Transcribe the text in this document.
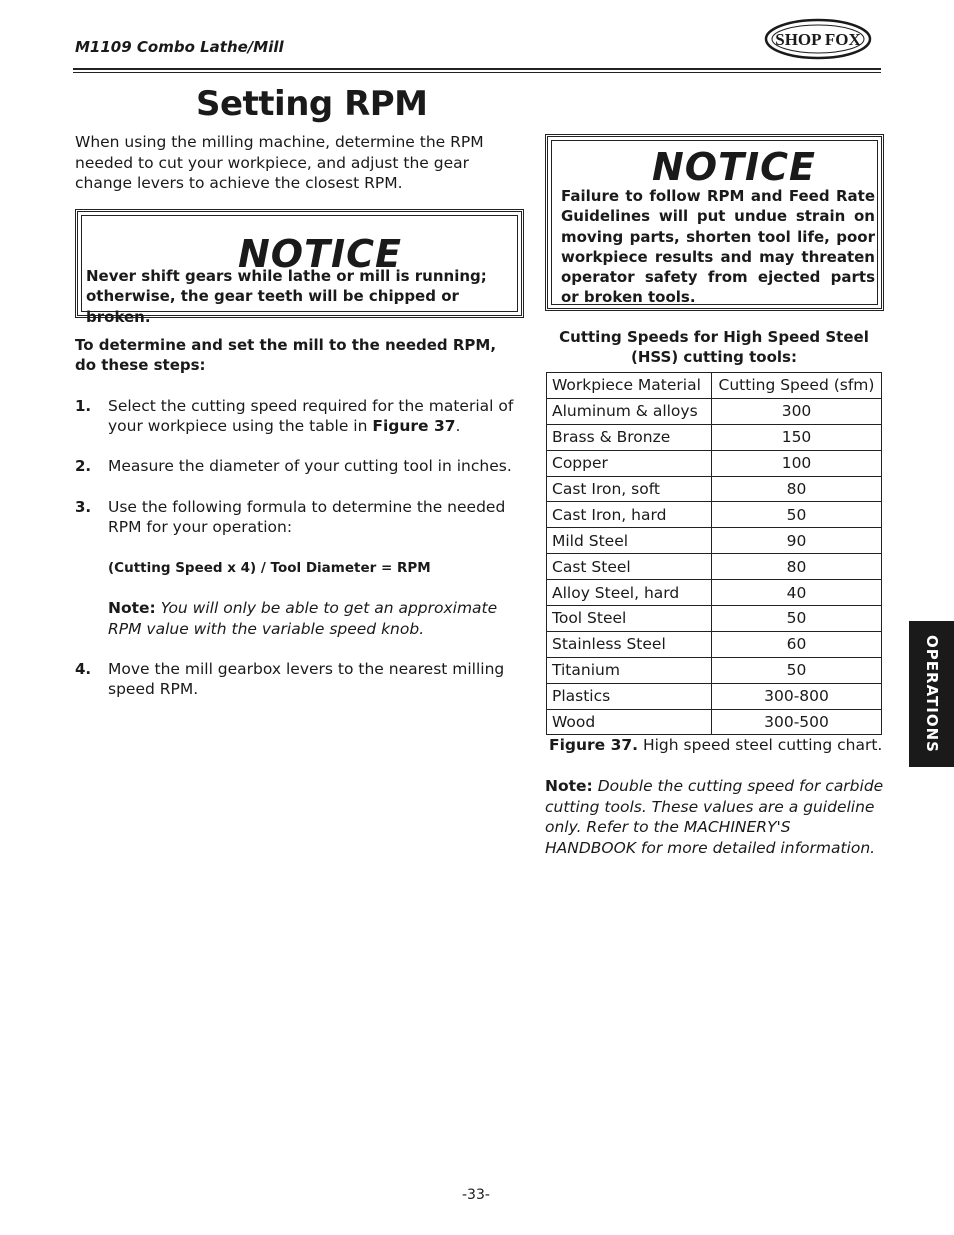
M1109 Combo Lathe/Mill	SHOP FOX
Setting RPM
When using the milling machine, determine the RPM needed to cut your workpiece, and adjust the gear change levers to achieve the closest RPM.
NOTICE
Never shift gears while lathe or mill is running; otherwise, the gear teeth will be chipped or broken.
NOTICE
Failure to follow RPM and Feed Rate Guidelines will put undue strain on moving parts, shorten tool life, poor workpiece results and may threaten operator safety from ejected parts or broken tools.
To determine and set the mill to the needed RPM, do these steps:
1. Select the cutting speed required for the material of your workpiece using the table in Figure 37.
2. Measure the diameter of your cutting tool in inches.
3. Use the following formula to determine the needed RPM for your operation:
(Cutting Speed x 4) / Tool Diameter = RPM
Note: You will only be able to get an approximate RPM value with the variable speed knob.
4. Move the mill gearbox levers to the nearest milling speed RPM.
Cutting Speeds for High Speed Steel (HSS) cutting tools:
Workpiece Material	Cutting Speed (sfm)
Aluminum & alloys	300
Brass & Bronze	150
Copper	100
Cast Iron, soft	80
Cast Iron, hard	50
Mild Steel	90
Cast Steel	80
Alloy Steel, hard	40
Tool Steel	50
Stainless Steel	60
Titanium	50
Plastics	300-800
Wood	300-500
Figure 37. High speed steel cutting chart.
Note: Double the cutting speed for carbide cutting tools. These values are a guideline only. Refer to the MACHINERY'S HANDBOOK for more detailed information.
OPERATIONS
-33-
